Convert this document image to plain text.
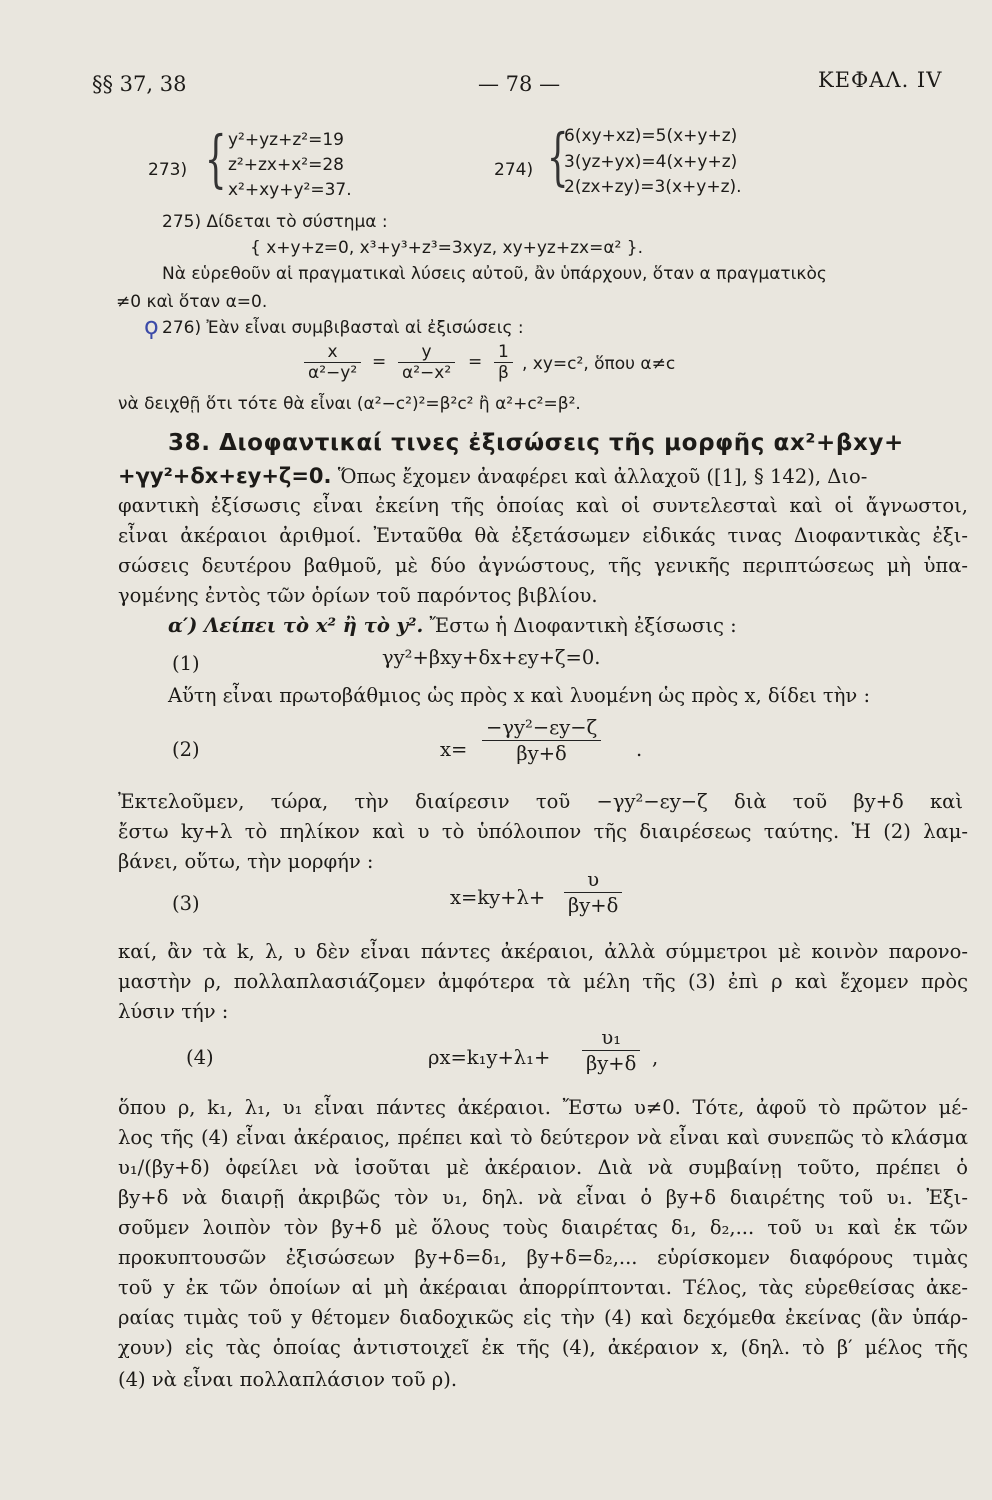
§§ 37, 38	— 78 —	ΚΕΦΑΛ. IV
273) { y²+yz+z²=19
z²+zx+x²=28
x²+xy+y²=37.
274) {
6(xy+xz)=5(x+y+z)
3(yz+yx)=4(x+y+z)
2(zx+zy)=3(x+y+z).
275) Δίδεται τὸ σύστημα :
{ x+y+z=0, x³+y³+z³=3xyz, xy+yz+zx=α² }.
Νὰ εὑρεθοῦν αἱ πραγματικαὶ λύσεις αὐτοῦ, ἂν ὑπάρχουν, ὅταν α πραγματικὸς
≠0 καὶ ὅταν α=0.
ϙ 276) Ἐὰν εἶναι συμβιβασταὶ αἱ ἐξισώσεις :
$\frac{x}{\text{α²−y²}} = \frac{y}{\text{α²−x²}} = \frac{1}{\beta}$ , xy=c², ὅπου α≠c
νὰ δειχθῇ ὅτι τότε θὰ εἶναι (α²−c²)²=β²c² ἢ α²+c²=β².
38. Διοφαντικαί τινες ἐξισώσεις τῆς μορφῆς αx²+βxy+
+γy²+δx+εy+ζ=0. Ὅπως ἔχομεν ἀναφέρει καὶ ἀλλαχοῦ ([1], § 142), Διο-
φαντικὴ ἐξίσωσις εἶναι ἐκείνη τῆς ὁποίας καὶ οἱ συντελεσταὶ καὶ οἱ ἄγνωστοι,
εἶναι ἀκέραιοι ἀριθμοί. Ἐνταῦθα θὰ ἐξετάσωμεν εἰδικάς τινας Διοφαντικὰς ἐξι-
σώσεις δευτέρου βαθμοῦ, μὲ δύο ἀγνώστους, τῆς γενικῆς περιπτώσεως μὴ ὑπα-
γομένης ἐντὸς τῶν ὁρίων τοῦ παρόντος βιβλίου.
α′) Λείπει τὸ x² ἢ τὸ y². Ἔστω ἡ Διοφαντικὴ ἐξίσωσις :
(1)	γy²+βxy+δx+εy+ζ=0.
Αὕτη εἶναι πρωτοβάθμιος ὡς πρὸς x καὶ λυομένη ὡς πρὸς x, δίδει τὴν :
(2)	$x= \frac{\text{−γy²−εy−ζ}}{\beta y+\delta}$ .
Ἐκτελοῦμεν, τώρα, τὴν διαίρεσιν τοῦ −γy²−εy−ζ διὰ τοῦ βy+δ καὶ
ἔστω ky+λ τὸ πηλίκον καὶ υ τὸ ὑπόλοιπον τῆς διαιρέσεως ταύτης. Ἡ (2) λαμ-
βάνει, οὕτω, τὴν μορφήν :
(3)	$x=ky+\lambda+ \frac{\upsilon}{\beta y+\delta}$
καί, ἂν τὰ k, λ, υ δὲν εἶναι πάντες ἀκέραιοι, ἀλλὰ σύμμετροι μὲ κοινὸν παρονο-
μαστὴν ρ, πολλαπλασιάζομεν ἀμφότερα τὰ μέλη τῆς (3) ἐπὶ ρ καὶ ἔχομεν πρὸς
λύσιν τήν :
(4)	$\rho x=k_1y+\lambda_1+ \frac{\text{υ₁}}{\beta y+\delta}$ ,
ὅπου ρ, k₁, λ₁, υ₁ εἶναι πάντες ἀκέραιοι. Ἔστω υ≠0. Τότε, ἀφοῦ τὸ πρῶτον μέ-
λος τῆς (4) εἶναι ἀκέραιος, πρέπει καὶ τὸ δεύτερον νὰ εἶναι καὶ συνεπῶς τὸ κλάσμα
υ₁/(βy+δ) ὀφείλει νὰ ἰσοῦται μὲ ἀκέραιον. Διὰ νὰ συμβαίνῃ τοῦτο, πρέπει ὁ
βy+δ νὰ διαιρῇ ἀκριβῶς τὸν υ₁, δηλ. νὰ εἶναι ὁ βy+δ διαιρέτης τοῦ υ₁. Ἐξι-
σοῦμεν λοιπὸν τὸν βy+δ μὲ ὅλους τοὺς διαιρέτας δ₁, δ₂,... τοῦ υ₁ καὶ ἐκ τῶν
προκυπτουσῶν ἐξισώσεων βy+δ=δ₁, βy+δ=δ₂,... εὑρίσκομεν διαφόρους τιμὰς
τοῦ y ἐκ τῶν ὁποίων αἱ μὴ ἀκέραιαι ἀπορρίπτονται. Τέλος, τὰς εὑρεθείσας ἀκε-
ραίας τιμὰς τοῦ y θέτομεν διαδοχικῶς εἰς τὴν (4) καὶ δεχόμεθα ἐκείνας (ἂν ὑπάρ-
χουν) εἰς τὰς ὁποίας ἀντιστοιχεῖ ἐκ τῆς (4), ἀκέραιον x, (δηλ. τὸ β′ μέλος τῆς
(4) νὰ εἶναι πολλαπλάσιον τοῦ ρ).
